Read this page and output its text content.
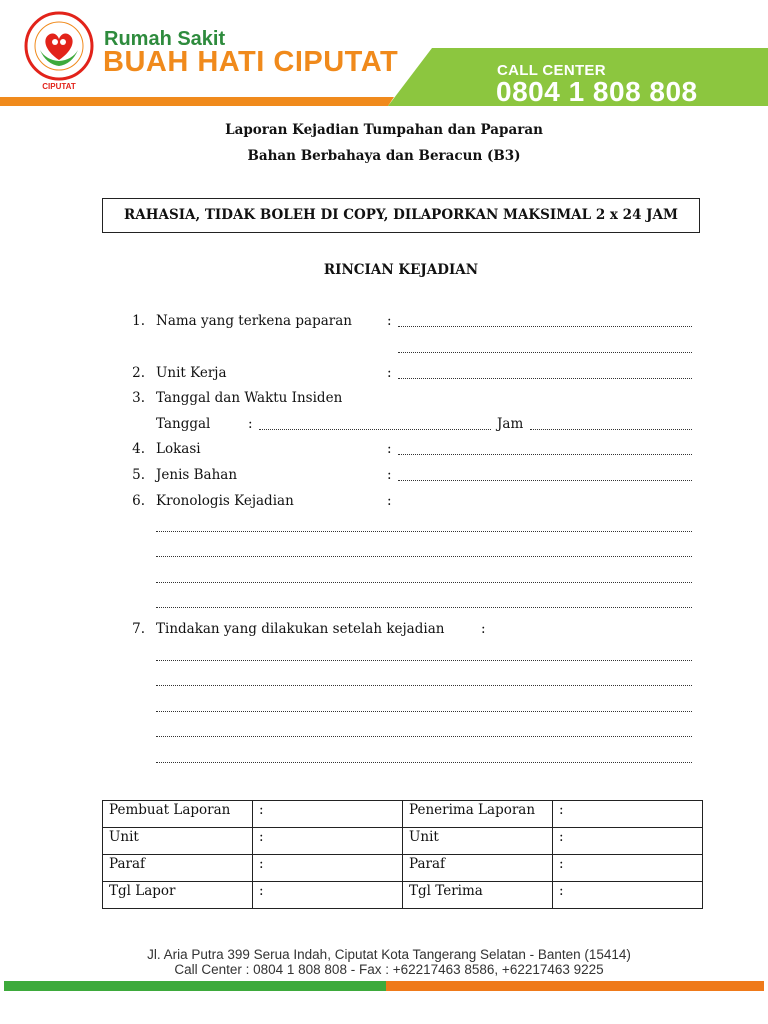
CIPUTAT
Rumah Sakit
BUAH HATI CIPUTAT	CALL CENTER
0804 1 808 808
Laporan Kejadian Tumpahan dan Paparan
Bahan Berbahaya dan Beracun (B3)
RAHASIA, TIDAK BOLEH DI COPY, DILAPORKAN MAKSIMAL 2 x 24 JAM
RINCIAN KEJADIAN
1. Nama yang terkena paparan	:
2. Unit Kerja	:
3. Tanggal dan Waktu Insiden
Tanggal	:	Jam
4. Lokasi	:
5. Jenis Bahan	:
6. Kronologis Kejadian	:
7. Tindakan yang dilakukan setelah kejadian	:
Pembuat Laporan	:	Penerima Laporan	:
Unit	:	Unit	:
Paraf	:	Paraf	:
Tgl Lapor	:	Tgl Terima	:
Jl. Aria Putra 399 Serua Indah, Ciputat Kota Tangerang Selatan - Banten (15414)
Call Center : 0804 1 808 808 - Fax : +62217463 8586, +62217463 9225
